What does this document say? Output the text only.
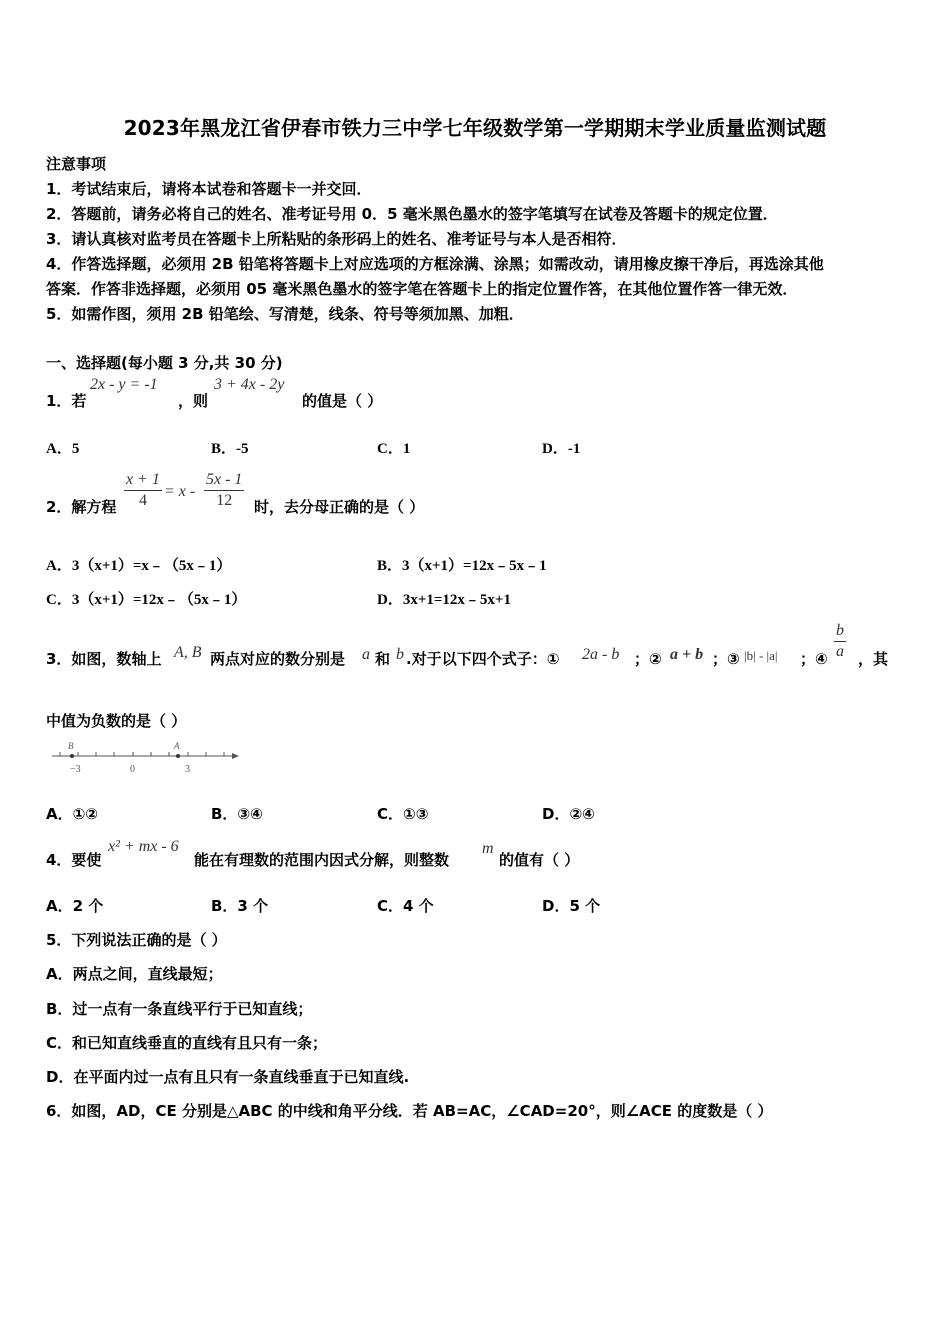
2023年黑龙江省伊春市铁力三中学七年级数学第一学期期末学业质量监测试题
注意事项
1．考试结束后，请将本试卷和答题卡一并交回．
2．答题前，请务必将自己的姓名、准考证号用 0．5 毫米黑色墨水的签字笔填写在试卷及答题卡的规定位置．
3．请认真核对监考员在答题卡上所粘贴的条形码上的姓名、准考证号与本人是否相符．
4．作答选择题，必须用 2B 铅笔将答题卡上对应选项的方框涂满、涂黑；如需改动，请用橡皮擦干净后，再选涂其他
答案．作答非选择题，必须用 05 毫米黑色墨水的签字笔在答题卡上的指定位置作答，在其他位置作答一律无效．
5．如需作图，须用 2B 铅笔绘、写清楚，线条、符号等须加黑、加粗．
一、选择题(每小题 3 分,共 30 分)
1．若
2x - y = -1
，则
3 + 4x - 2y
的值是（ ）
A．5	B．-5	C．1	D．-1
2．解方程 $\frac{x + 1}{4} = x - \frac{5x - 1}{12}$ 时，去分母正确的是（ ）
A．3（x+1）=x﹣（5x﹣1）	B．3（x+1）=12x﹣5x﹣1
C．3（x+1）=12x﹣（5x﹣1）	D．3x+1=12x﹣5x+1
3．如图，数轴上 A, B 两点对应的数分别是 a 和 b .对于以下四个式子：① 2a - b ；② a + b ；③ |b| - |a| ；④ $\frac{b}{a}$ ，其
中值为负数的是（ ）
B	A
−3	0	3
A．①②	B．③④	C．①③	D．②④
4．要使
x² + mx - 6
能在有理数的范围内因式分解，则整数
m
的值有（ ）
A．2 个	B．3 个	C．4 个	D．5 个
5．下列说法正确的是（ ）
A．两点之间，直线最短；
B．过一点有一条直线平行于已知直线；
C．和已知直线垂直的直线有且只有一条；
D．在平面内过一点有且只有一条直线垂直于已知直线.
6．如图，AD，CE 分别是△ABC 的中线和角平分线．若 AB=AC，∠CAD=20°，则∠ACE 的度数是（ ）
